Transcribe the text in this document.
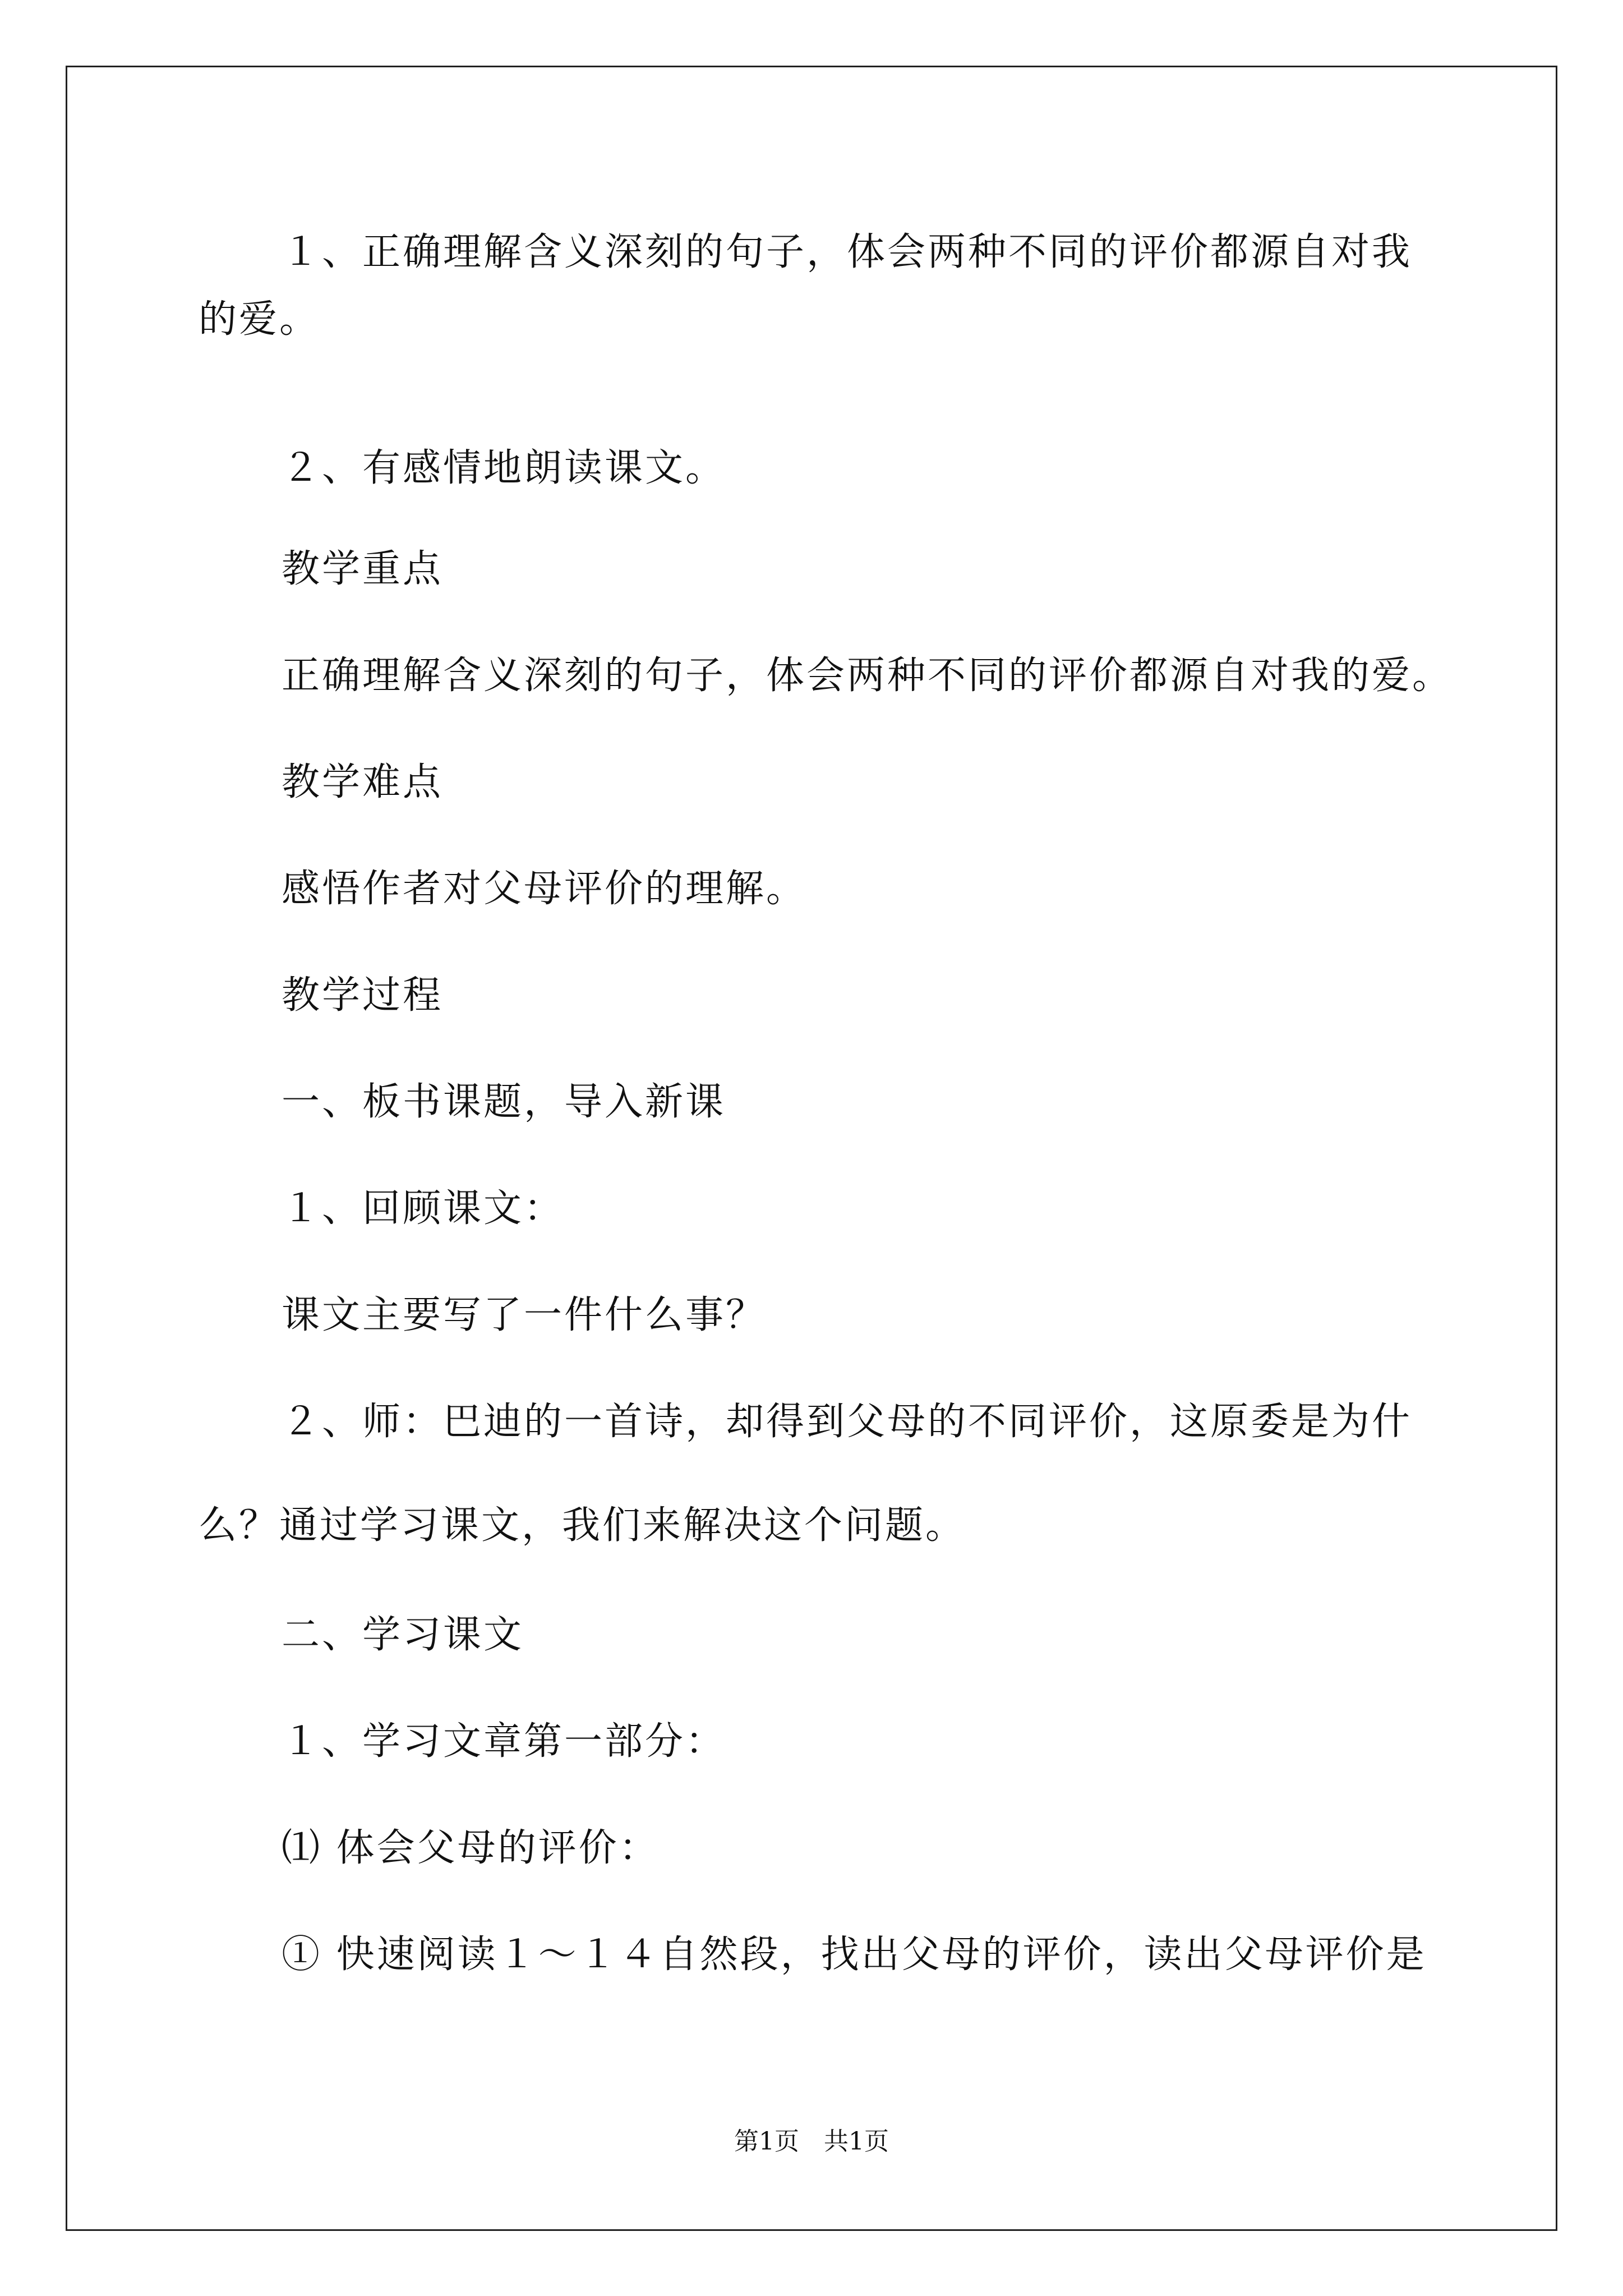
１、正确理解含义深刻的句子，体会两种不同的评价都源自对我
的爱。
２、有感情地朗读课文。
教学重点
正确理解含义深刻的句子，体会两种不同的评价都源自对我的爱。
教学难点
感悟作者对父母评价的理解。
教学过程
一、板书课题，导入新课
１、回顾课文：
课文主要写了一件什么事？
２、师：巴迪的一首诗，却得到父母的不同评价，这原委是为什
么？通过学习课文，我们来解决这个问题。
二、学习课文
１、学习文章第一部分：
⑴ 体会父母的评价：
① 快速阅读１～１４自然段，找出父母的评价，读出父母评价是
第1页　共1页
